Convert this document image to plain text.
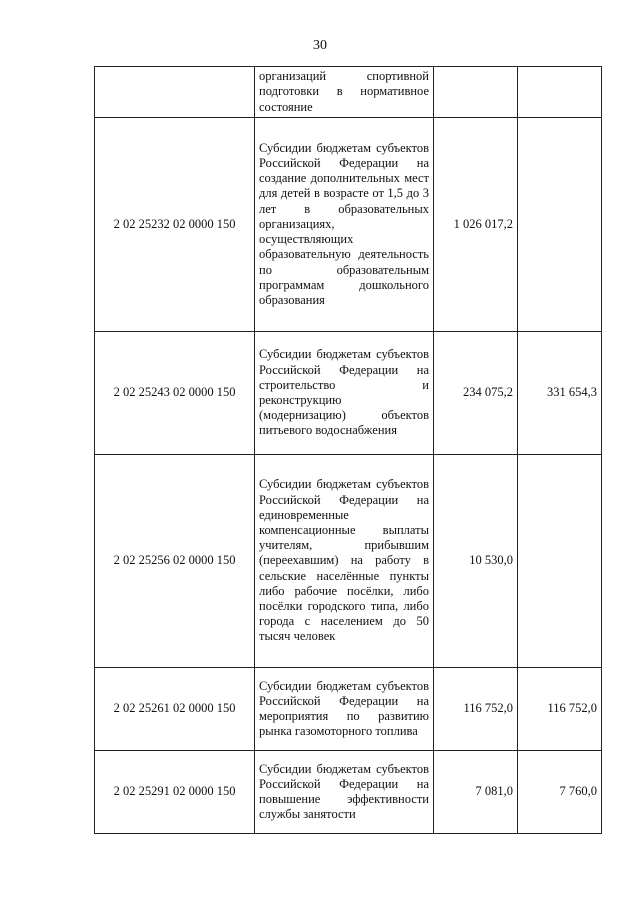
30
	организаций спортивной подготовки в нормативное состояние		
2 02 25232 02 0000 150	Субсидии бюджетам субъектов Российской Федерации на создание дополнительных мест для детей в возрасте от 1,5 до 3 лет в образовательных организациях, осуществляющих образовательную деятельность по образовательным программам дошкольного образования	1 026 017,2	
2 02 25243 02 0000 150	Субсидии бюджетам субъектов Российской Федерации на строительство и реконструкцию (модернизацию) объектов питьевого водоснабжения	234 075,2	331 654,3
2 02 25256 02 0000 150	Субсидии бюджетам субъектов Российской Федерации на единовременные компенсационные выплаты учителям, прибывшим (переехавшим) на работу в сельские населённые пункты либо рабочие посёлки, либо посёлки городского типа, либо города с населением до 50 тысяч человек	10 530,0	
2 02 25261 02 0000 150	Субсидии бюджетам субъектов Российской Федерации на мероприятия по развитию рынка газомоторного топлива	116 752,0	116 752,0
2 02 25291 02 0000 150	Субсидии бюджетам субъектов Российской Федерации на повышение эффективности службы занятости	7 081,0	7 760,0
